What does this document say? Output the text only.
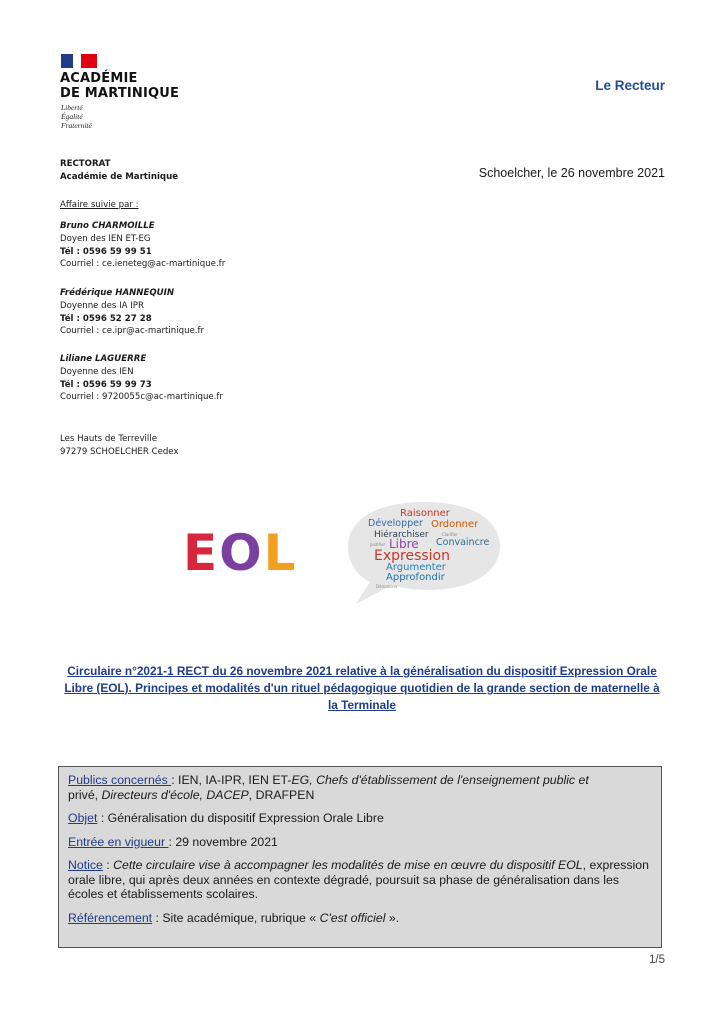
ACADÉMIE
DE MARTINIQUE
Liberté
Égalité
Fraternité
Le Recteur
Schoelcher, le 26 novembre 2021
RECTORAT
Académie de Martinique
Affaire suivie par :
Bruno CHARMOILLE
Doyen des IEN ET-EG
Tél : 0596 59 99 51
Courriel : ce.ieneteg@ac-martinique.fr
Frédérique HANNEQUIN
Doyenne des IA IPR
Tél : 0596 52 27 28
Courriel : ce.ipr@ac-martinique.fr
Liliane LAGUERRE
Doyenne des IEN
Tél : 0596 59 99 73
Courriel : 9720055c@ac-martinique.fr
Les Hauts de Terreville
97279 SCHOELCHER Cedex
EOL
Raisonner
Développer Ordonner
Hiérarchiser	Clarifier
Justifier Libre Convaincre
Expression
Argumenter
Approfondir
Démontrer
Circulaire n°2021-1 RECT du 26 novembre 2021 relative à la généralisation du dispositif Expression Orale Libre (EOL). Principes et modalités d'un rituel pédagogique quotidien de la grande section de maternelle à la Terminale

Publics concernés : IEN, IA-IPR, IEN ET-EG, Chefs d'établissement de l'enseignement public et
privé, Directeurs d'école, DACEP, DRAFPEN

Objet : Généralisation du dispositif Expression Orale Libre

Entrée en vigueur : 29 novembre 2021

Notice : Cette circulaire vise à accompagner les modalités de mise en œuvre du dispositif EOL, expression orale libre, qui après deux années en contexte dégradé, poursuit sa phase de généralisation dans les écoles et établissements scolaires.

Référencement : Site académique, rubrique « C'est officiel ».

1/5
